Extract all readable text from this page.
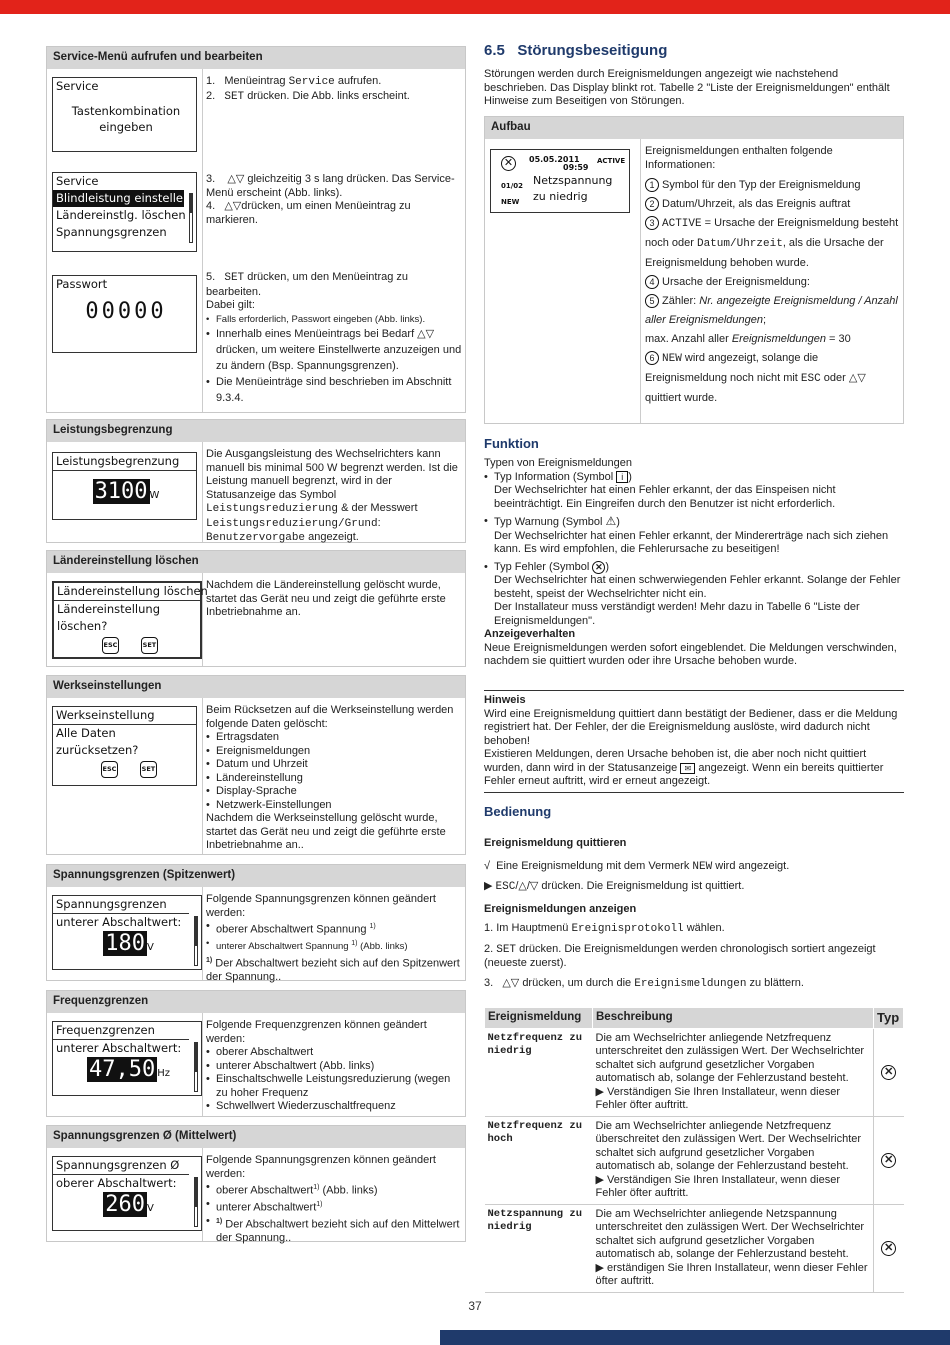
Service-Menü aufrufen und bearbeiten
Service
Tastenkombination
eingeben
Service
Blindleistung einstellen
Ländereinstlg. löschen
Spannungsgrenzen
Passwort
00000
1.   Menüeintrag Service aufrufen.
2.   SET drücken. Die Abb. links erscheint.
3.    △▽ gleichzeitig 3 s lang drücken. Das Service-Menü erscheint (Abb. links).
4.   △▽drücken, um einen Menüeintrag zu markieren.
5.   SET drücken, um den Menüeintrag zu bearbeiten.
Dabei gilt:
• Falls erforderlich, Passwort eingeben (Abb. links).
• Innerhalb eines Menüeintrags bei Bedarf △▽ drücken, um weitere Einstellwerte anzuzeigen und zu ändern (Bsp. Spannungsgrenzen).
• Die Menüeinträge sind beschrieben im Abschnitt 9.3.4.
Leistungsbegrenzung
Leistungsbegrenzung
3100 W
Die Ausgangsleistung des Wechselrichters kann manuell bis minimal 500 W begrenzt werden. Ist die Leistung manuell begrenzt, wird in der Statusanzeige das Symbol Leistungsreduzierung & der Messwert Leistungsreduzierung/Grund: Benutzervorgabe angezeigt.
Ländereinstellung löschen
Ländereinstellung löschen
Ländereinstellung
löschen?
ESC	SET
Nachdem die Ländereinstellung gelöscht wurde, startet das Gerät neu und zeigt die geführte erste Inbetriebnahme an.
Werkseinstellungen
Werkseinstellung
Alle Daten
zurücksetzen?
ESC	SET
Beim Rücksetzen auf die Werkseinstellung werden folgende Daten gelöscht:
• Ertragsdaten
• Ereignismeldungen
• Datum und Uhrzeit
• Ländereinstellung
• Display-Sprache
• Netzwerk-Einstellungen
Nachdem die Werkseinstellung gelöscht wurde, startet das Gerät neu und zeigt die geführte erste Inbetriebnahme an..
Spannungsgrenzen (Spitzenwert)
Spannungsgrenzen
unterer Abschaltwert:
180 V
Folgende Spannungsgrenzen können geändert werden:
• oberer Abschaltwert Spannung $^{1)}$
• unterer Abschaltwert Spannung $^{1)}$ (Abb. links)
$^{1)}$ Der Abschaltwert bezieht sich auf den Spitzenwert der Spannung..
Frequenzgrenzen
Frequenzgrenzen
unterer Abschaltwert:
47,50 Hz
Folgende Frequenzgrenzen können geändert werden:
• oberer Abschaltwert
• unterer Abschaltwert (Abb. links)
• Einschaltschwelle Leistungsreduzierung (wegen zu hoher Frequenz
• Schwellwert Wiederzuschaltfrequenz
Spannungsgrenzen Ø (Mittelwert)
Spannungsgrenzen Ø
oberer Abschaltwert:
260 V
Folgende Spannungsgrenzen können geändert werden:
• oberer Abschaltwert$^{1)}$ (Abb. links)
• unterer Abschaltwert$^{1)}$
• $^{1)}$ Der Abschaltwert bezieht sich auf den Mittelwert der Spannung..
6.5   Störungsbeseitigung
Störungen werden durch Ereignismeldungen angezeigt wie nachstehend beschrieben. Das Display blinkt rot. Tabelle 2 "Liste der Ereignismeldungen" enthält Hinweise zum Beseitigen von Störungen.
Aufbau
✕	05.05.2011
09:59
ACTIVE
01/02
NEW
Netzspannung
zu niedrig
Ereignismeldungen enthalten folgende Informationen:
1 Symbol für den Typ der Ereignismeldung
2 Datum/Uhrzeit, als das Ereignis auftrat
3 ACTIVE = Ursache der Ereignismeldung besteht noch oder Datum/Uhrzeit, als die Ursache der Ereignismeldung behoben wurde.
4 Ursache der Ereignismeldung:
5 Zähler: Nr. angezeigte Ereignismeldung / Anzahl aller Ereignismeldungen;
max. Anzahl aller Ereignismeldungen = 30
6 NEW wird angezeigt, solange die Ereignismeldung noch nicht mit ESC oder △▽ quittiert wurde.
Funktion
Typen von Ereignismeldungen
• Typ Information (Symbol i )
Der Wechselrichter hat einen Fehler erkannt, der das Einspeisen nicht beeinträchtigt. Ein Eingreifen durch den Benutzer ist nicht erforderlich.
• Typ Warnung (Symbol ⚠)
Der Wechselrichter hat einen Fehler erkannt, der Mindererträge nach sich ziehen kann. Es wird empfohlen, die Fehlerursache zu beseitigen!
• Typ Fehler (Symbol ✕ )
Der Wechselrichter hat einen schwerwiegenden Fehler erkannt. Solange der Fehler besteht, speist der Wechselrichter nicht ein.
Der Installateur muss verständigt werden! Mehr dazu in Tabelle 6 "Liste der Ereignismeldungen".
Anzeigeverhalten
Neue Ereignismeldungen werden sofort eingeblendet. Die Meldungen verschwinden, nachdem sie quittiert wurden oder ihre Ursache behoben wurde.
Hinweis
Wird eine Ereignismeldung quittiert dann bestätigt der Bediener, dass er die Meldung registriert hat. Der Fehler, der die Ereignismeldung auslöste, wird dadurch nicht behoben!
Existieren Meldungen, deren Ursache behoben ist, die aber noch nicht quittiert wurden, dann wird in der Statusanzeige ✉ angezeigt. Wenn ein bereits quittierter Fehler erneut auftritt, wird er erneut angezeigt.
Bedienung
Ereignismeldung quittieren
√  Eine Ereignismeldung mit dem Vermerk NEW wird angezeigt.
▶ ESC/△/▽ drücken. Die Ereignismeldung ist quittiert.
Ereignismeldungen anzeigen
1. Im Hauptmenü Ereignisprotokoll wählen.
2. SET drücken. Die Ereignismeldungen werden chronologisch sortiert angezeigt (neueste zuerst).
3.   △▽ drücken, um durch die Ereignismeldungen zu blättern.
Ereignismeldung	Beschreibung	Typ
Netzfrequenz zu niedrig	Die am Wechselrichter anliegende Netzfrequenz unterschreitet den zulässigen Wert. Der Wechselrichter schaltet sich aufgrund gesetzlicher Vorgaben automatisch ab, solange der Fehlerzustand besteht.
▶ Verständigen Sie Ihren Installateur, wenn dieser Fehler öfter auftritt.	✕
Netzfrequenz zu hoch	Die am Wechselrichter anliegende Netzfrequenz überschreitet den zulässigen Wert. Der Wechselrichter schaltet sich aufgrund gesetzlicher Vorgaben automatisch ab, solange der Fehlerzustand besteht.
▶ Verständigen Sie Ihren Installateur, wenn dieser Fehler öfter auftritt.	✕
Netzspannung zu niedrig	Die am Wechselrichter anliegende Netzspannung unterschreitet den zulässigen Wert. Der Wechselrichter schaltet sich aufgrund gesetzlicher Vorgaben automatisch ab, solange der Fehlerzustand besteht.
▶ erständigen Sie Ihren Installateur, wenn dieser Fehler öfter auftritt.	✕
37
